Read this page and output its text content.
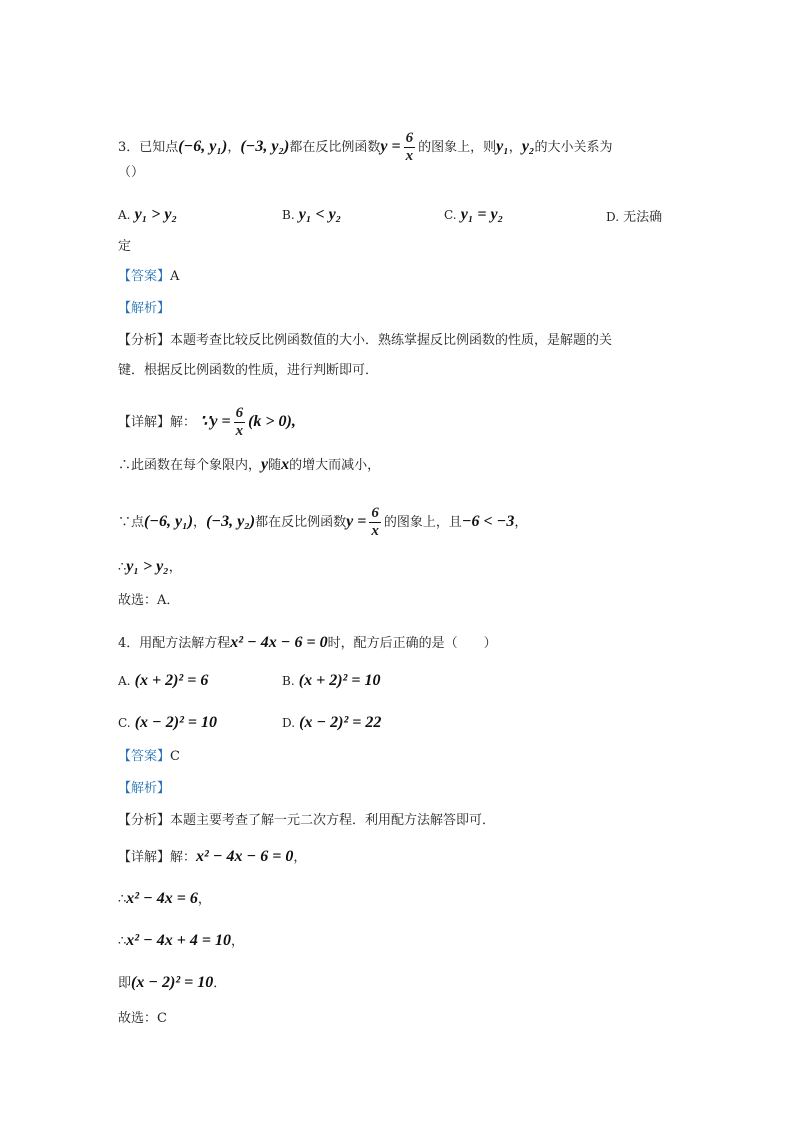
3．已知点(−6, y₁)，(−3, y₂)都在反比例函数$y = \frac{6}{x}$ 的图象上，则y₁，y₂的大小关系为
（）
A. y₁ > y₂	B. y₁ < y₂	C. y₁ = y₂	D. 无法确
定
【答案】A
【解析】
【分析】本题考查比较反比例函数值的大小．熟练掌握反比例函数的性质，是解题的关
键．根据反比例函数的性质，进行判断即可．
【详解】解： ∵y = $\frac{6}{x} (k > 0)$,
∴此函数在每个象限内，y随x的增大而减小，
∵点(−6, y₁)，(−3, y₂)都在反比例函数$y = \frac{6}{x}$ 的图象上，且−6 < −3，
∴y₁ > y₂，
故选：A．
4．用配方法解方程x² − 4x − 6 = 0时，配方后正确的是（　　）
A. (x + 2)² = 6	B. (x + 2)² = 10
C. (x − 2)² = 10	D. (x − 2)² = 22
【答案】C
【解析】
【分析】本题主要考查了解一元二次方程．利用配方法解答即可．
【详解】解：x² − 4x − 6 = 0，
∴x² − 4x = 6，
∴x² − 4x + 4 = 10，
即(x − 2)² = 10．
故选：C
